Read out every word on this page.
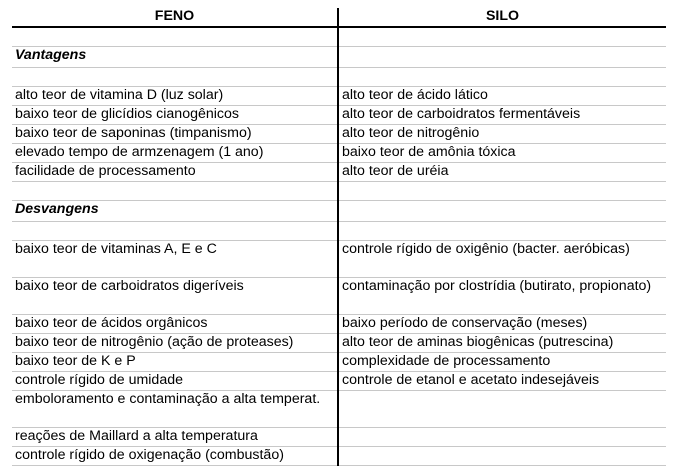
FENO	SILO

Vantagens	

alto teor de vitamina D (luz solar)	alto teor de ácido lático
baixo teor de glicídios cianogênicos	alto teor de carboidratos fermentáveis
baixo teor de saponinas (timpanismo)	alto teor de nitrogênio
elevado tempo de armzenagem (1 ano)	baixo teor de amônia tóxica
facilidade de processamento	alto teor de uréia

Desvangens	

baixo teor de vitaminas A, E e C	controle rígido de oxigênio (bacter. aeróbicas)
baixo teor de carboidratos digeríveis	contaminação por clostrídia (butirato, propionato)
baixo teor de ácidos orgânicos	baixo período de conservação (meses)
baixo teor de nitrogênio (ação de proteases)	alto teor de aminas biogênicas (putrescina)
baixo teor de K e P	complexidade de processamento
controle rígido de umidade	controle de etanol e acetato indesejáveis
emboloramento e contaminação a alta temperat.	
reações de Maillard a alta temperatura	
controle rígido de oxigenação (combustão)	
